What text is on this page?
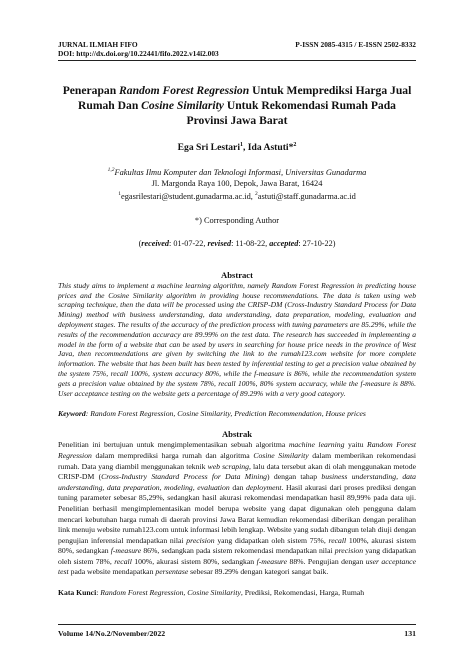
JURNAL ILMIAH FIFO	P-ISSN 2085-4315 / E-ISSN 2502-8332
DOI: http://dx.doi.org/10.22441/fifo.2022.v14i2.003
Penerapan Random Forest Regression Untuk Memprediksi Harga Jual Rumah Dan Cosine Similarity Untuk Rekomendasi Rumah Pada Provinsi Jawa Barat
Ega Sri Lestari$^1$, Ida Astuti*$^2$
$^{1,2}$Fakultas Ilmu Komputer dan Teknologi Informasi, Universitas Gunadarma
Jl. Margonda Raya 100, Depok, Jawa Barat, 16424
$^1$egasrilestari@student.gunadarma.ac.id, $^2$astuti@staff.gunadarma.ac.id
*) Corresponding Author
(received: 01-07-22, revised: 11-08-22, accepted: 27-10-22)
Abstract
This study aims to implement a machine learning algorithm, namely Random Forest Regression in predicting house prices and the Cosine Similarity algorithm in providing house recommendations. The data is taken using web scraping technique, then the data will be processed using the CRISP-DM (Cross-Industry Standard Process for Data Mining) method with business understanding, data understanding, data preparation, modeling, evaluation and deployment stages. The results of the accuracy of the prediction process with tuning parameters are 85.29%, while the results of the recommendation accuracy are 89.99% on the test data. The research has succeeded in implementing a model in the form of a website that can be used by users in searching for house price needs in the province of West Java, then recommendations are given by switching the link to the rumah123.com website for more complete information. The website that has been built has been tested by inferential testing to get a precision value obtained by the system 75%, recall 100%, system accuracy 80%, while the f-measure is 86%, while the recommendation system gets a precision value obtained by the system 78%, recall 100%, 80% system accuracy, while the f-measure is 88%. User acceptance testing on the website gets a percentage of 89.29% with a very good category.
Keyword: Random Forest Regression, Cosine Similarity, Prediction Recommendation, House prices
Abstrak
Penelitian ini bertujuan untuk mengimplementasikan sebuah algoritma machine learning yaitu Random Forest Regression dalam memprediksi harga rumah dan algoritma Cosine Similarity dalam memberikan rekomendasi rumah. Data yang diambil menggunakan teknik web scraping, lalu data tersebut akan di olah menggunakan metode CRISP-DM (Cross-Industry Standard Process for Data Mining) dengan tahap business understanding, data understanding, data preparation, modeling, evaluation dan deployment. Hasil akurasi dari proses prediksi dengan tuning parameter sebesar 85,29%, sedangkan hasil akurasi rekomendasi mendapatkan hasil 89,99% pada data uji. Penelitian berhasil mengimplementasikan model berupa website yang dapat digunakan oleh pengguna dalam mencari kebutuhan harga rumah di daerah provinsi Jawa Barat kemudian rekomendasi diberikan dengan peralihan link menuju website rumah123.com untuk informasi lebih lengkap. Website yang sudah dibangun telah diuji dengan pengujian inferensial mendapatkan nilai precision yang didapatkan oleh sistem 75%, recall 100%, akurasi sistem 80%, sedangkan f-measure 86%, sedangkan pada sistem rekomendasi mendapatkan nilai precision yang didapatkan oleh sistem 78%, recall 100%, akurasi sistem 80%, sedangkan f-measure 88%. Pengujian dengan user acceptance test pada website mendapatkan persentase sebesar 89.29% dengan kategori sangat baik.
Kata Kunci: Random Forest Regression, Cosine Similarity, Prediksi, Rekomendasi, Harga, Rumah
Volume 14/No.2/November/2022	131
